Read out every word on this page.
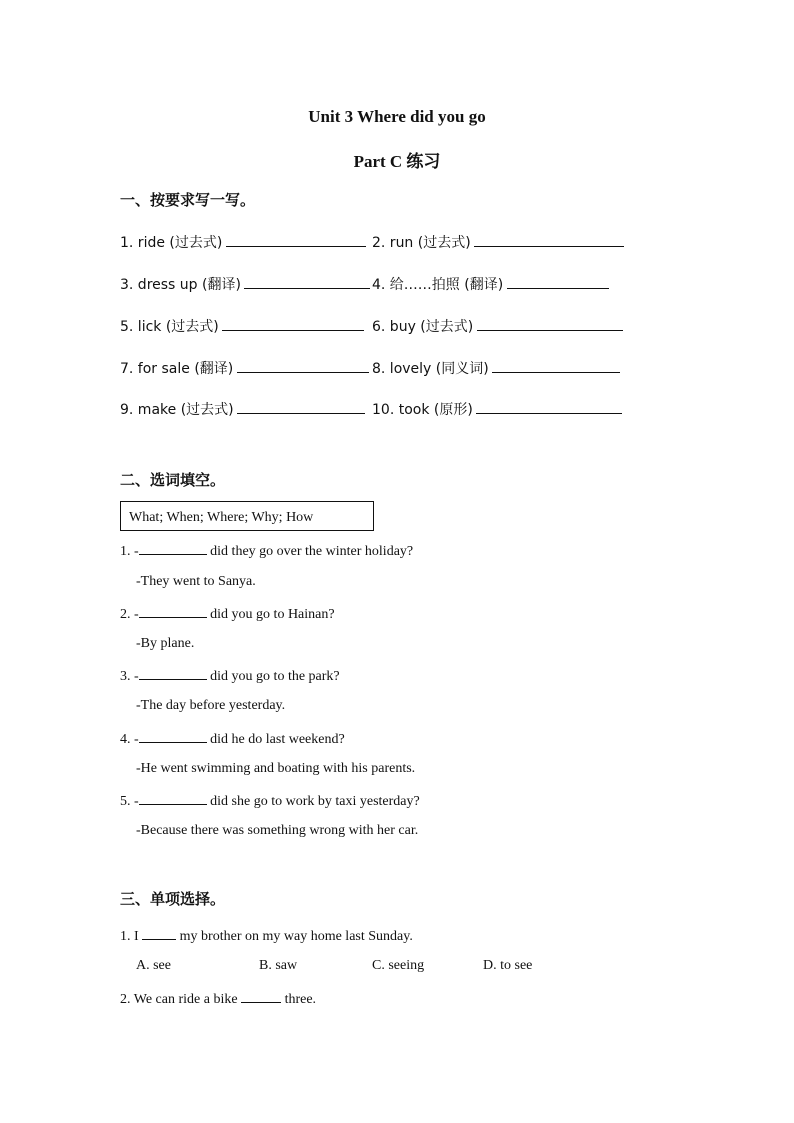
Unit 3 Where did you go
Part C 练习
一、按要求写一写。
1. ride (过去式)	2. run (过去式)
3. dress up (翻译)	4. 给……拍照 (翻译)
5. lick (过去式)	6. buy (过去式)
7. for sale (翻译)	8. lovely (同义词)
9. make (过去式)	10. took (原形)
二、选词填空。
What; When; Where; Why; How
1. -	did they go over the winter holiday?
-They went to Sanya.
2. -	did you go to Hainan?
-By plane.
3. -	did you go to the park?
-The day before yesterday.
4. -	did he do last weekend?
-He went swimming and boating with his parents.
5. -	did she go to work by taxi yesterday?
-Because there was something wrong with her car.
三、单项选择。
1. I  my brother on my way home last Sunday.
A. see	B. saw	C. seeing	D. to see
2. We can ride a bike	three.
